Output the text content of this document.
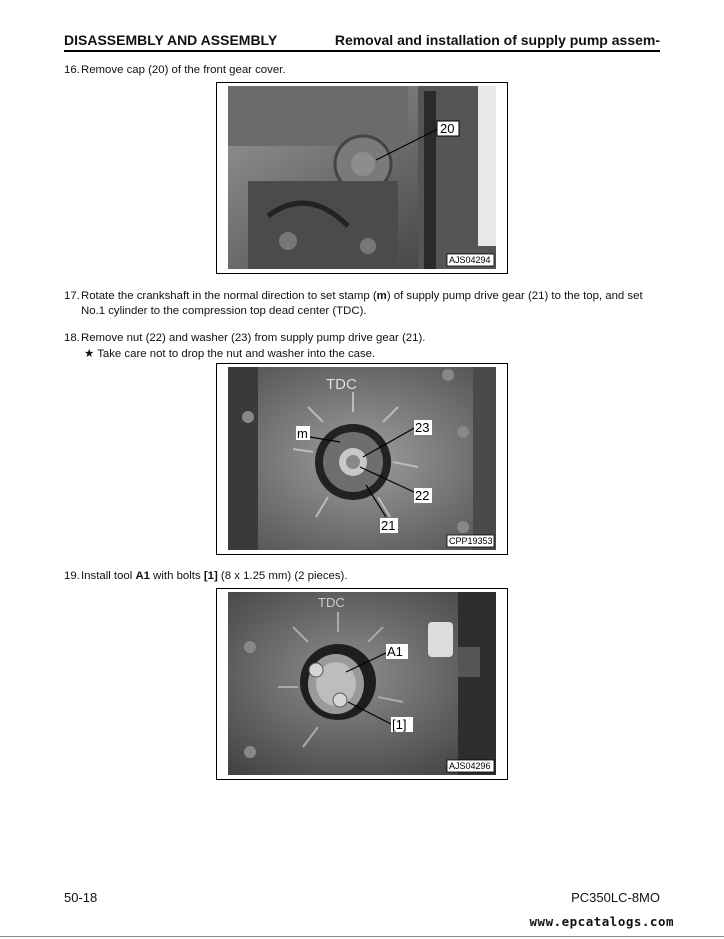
DISASSEMBLY AND ASSEMBLY	Removal and installation of supply pump assem-
16.Remove cap (20) of the front gear cover.
20
AJS04294
17.Rotate the crankshaft in the normal direction to set stamp (m) of supply pump drive gear (21) to the top, and set
No.1 cylinder to the compression top dead center (TDC).
18.Remove nut (22) and washer (23) from supply pump drive gear (21).
★ Take care not to drop the nut and washer into the case.
TDC
m	23
22
21
CPP19353
19.Install tool A1 with bolts [1] (8 x 1.25 mm) (2 pieces).
TDC
A1
[1]
AJS04296
50-18	PC350LC-8MO
www.epcatalogs.com
